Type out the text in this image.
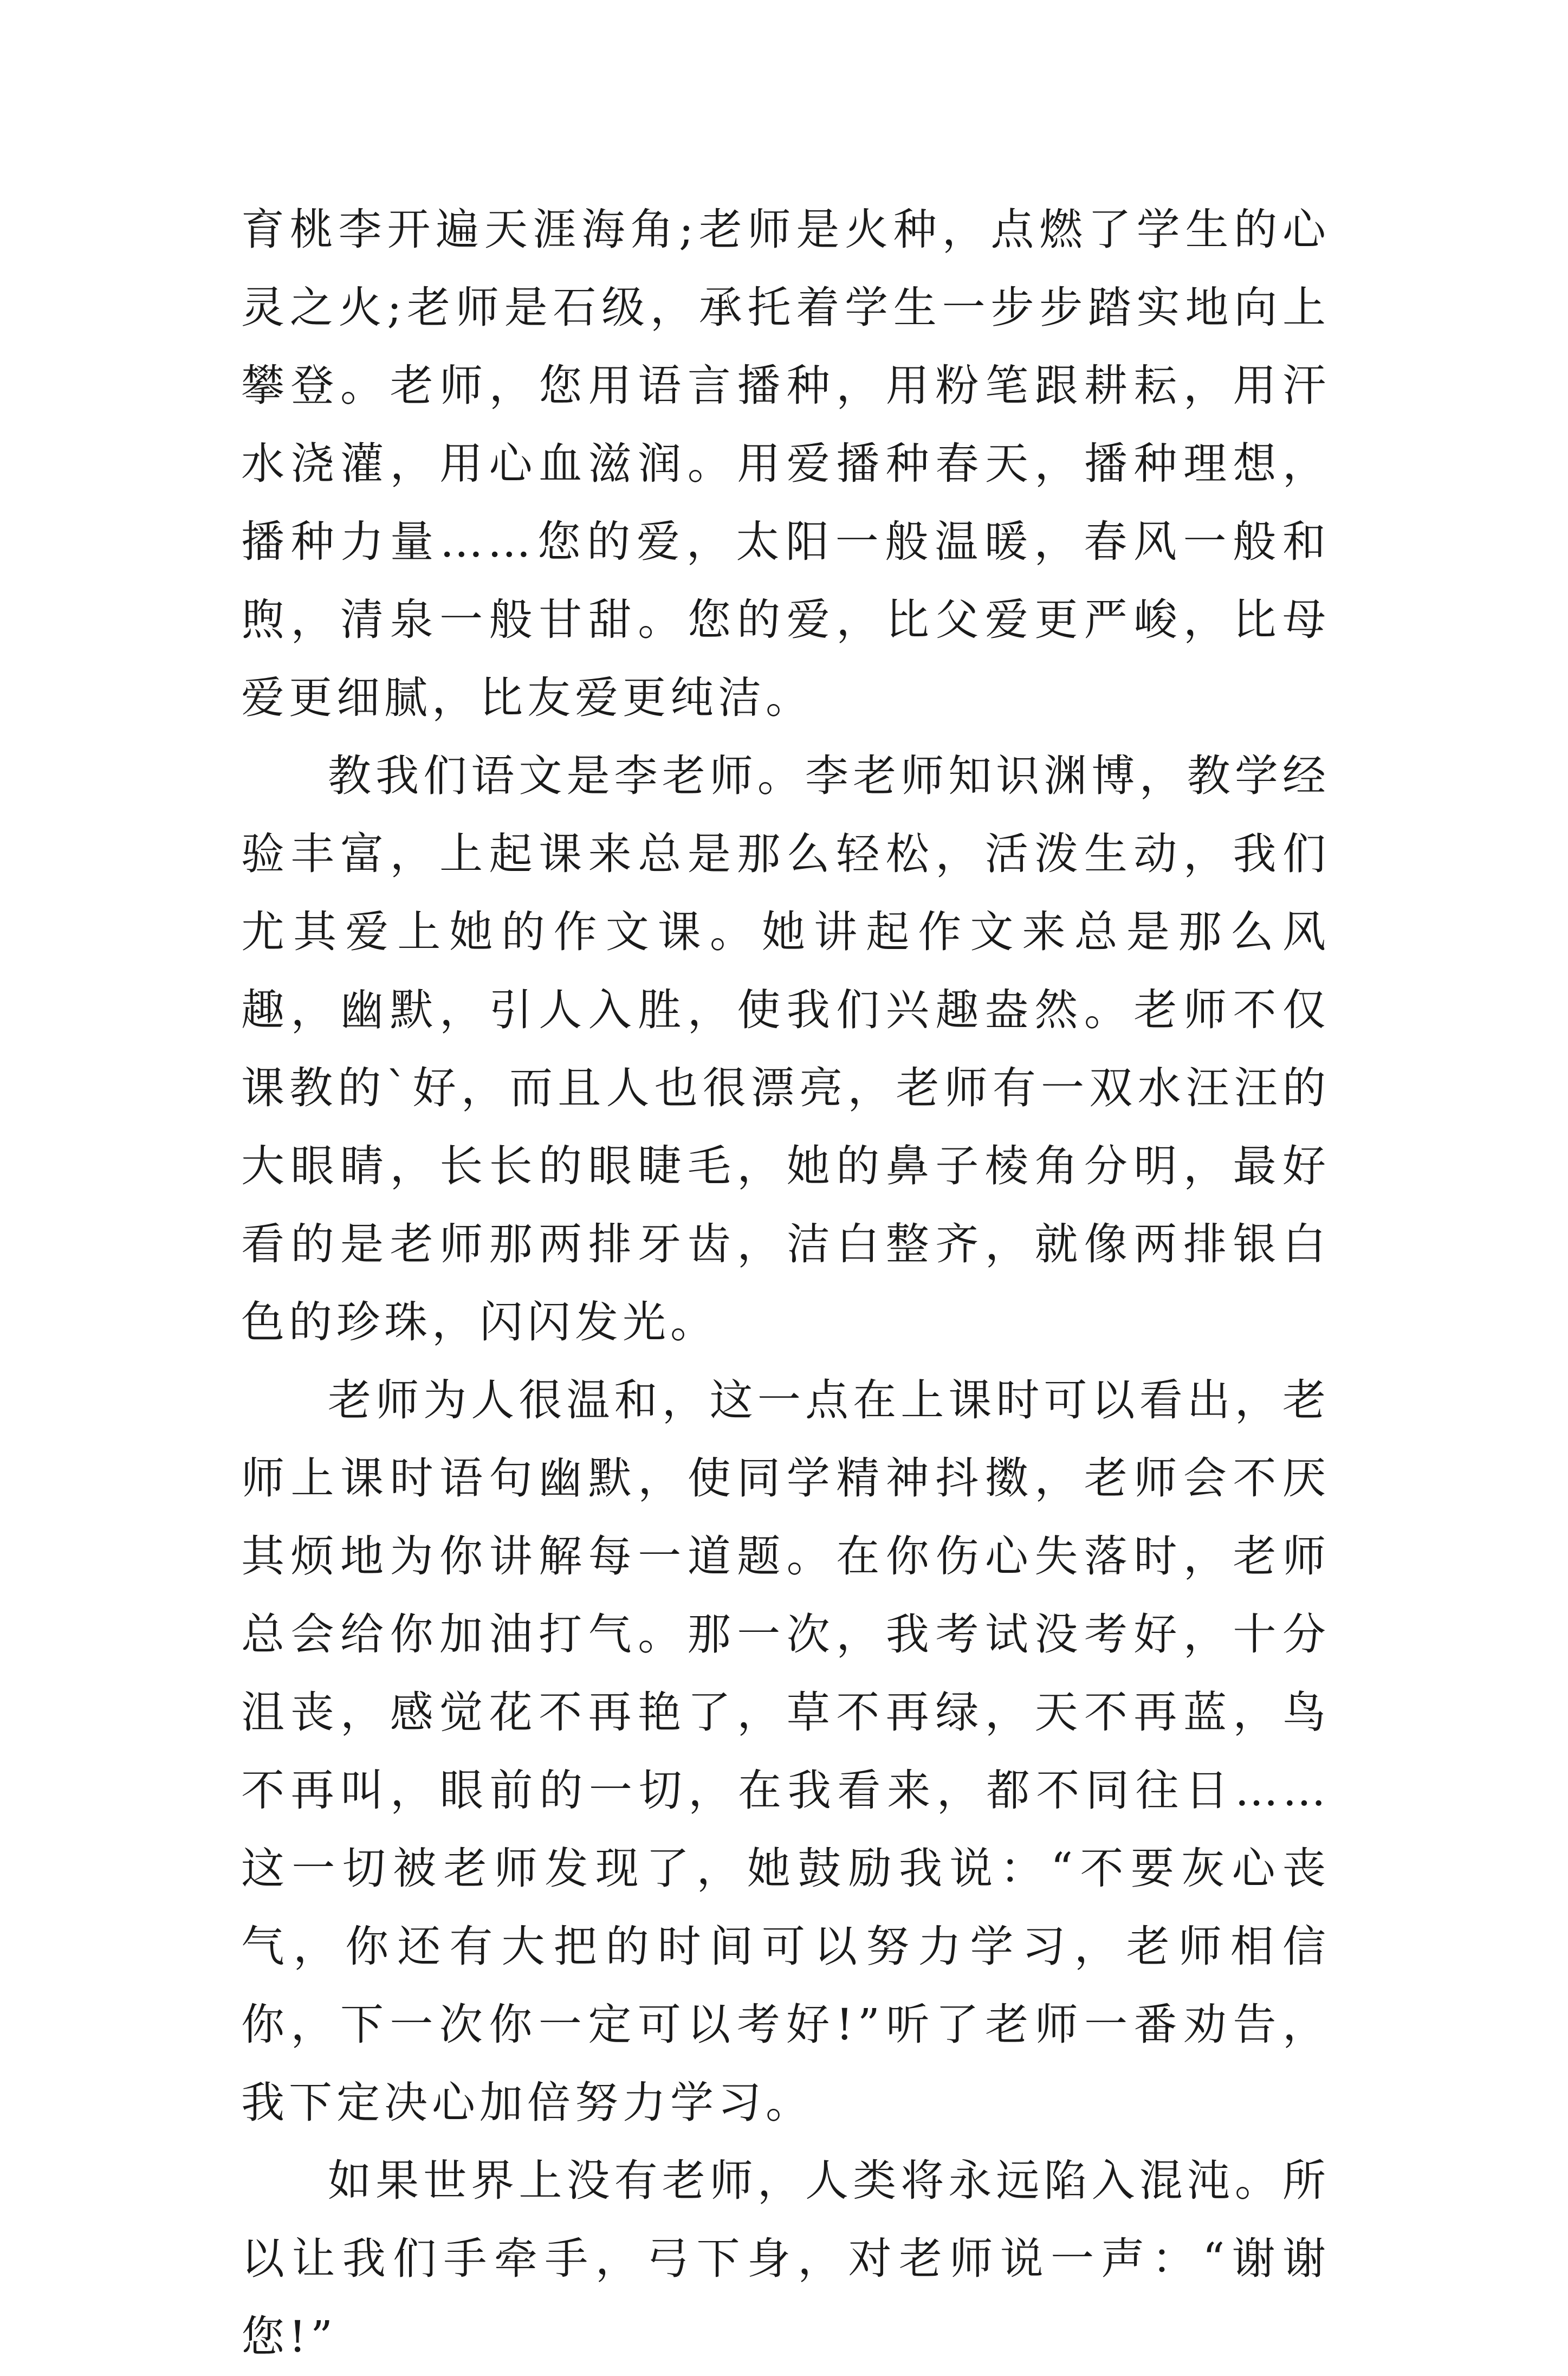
育桃李开遍天涯海角;老师是火种，点燃了学生的心灵之火;老师是石级，承托着学生一步步踏实地向上攀登。老师，您用语言播种，用粉笔跟耕耘，用汗水浇灌，用心血滋润。用爱播种春天，播种理想，播种力量……您的爱，太阳一般温暖，春风一般和煦，清泉一般甘甜。您的爱，比父爱更严峻，比母爱更细腻，比友爱更纯洁。

教我们语文是李老师。李老师知识渊博，教学经验丰富，上起课来总是那么轻松，活泼生动，我们尤其爱上她的作文课。她讲起作文来总是那么风趣，幽默，引人入胜，使我们兴趣盎然。老师不仅课教的`好，而且人也很漂亮，老师有一双水汪汪的大眼睛，长长的眼睫毛，她的鼻子棱角分明，最好看的是老师那两排牙齿，洁白整齐，就像两排银白色的珍珠，闪闪发光。

老师为人很温和，这一点在上课时可以看出，老师上课时语句幽默，使同学精神抖擞，老师会不厌其烦地为你讲解每一道题。在你伤心失落时，老师总会给你加油打气。那一次，我考试没考好，十分沮丧，感觉花不再艳了，草不再绿，天不再蓝，鸟不再叫，眼前的一切，在我看来，都不同往日……这一切被老师发现了，她鼓励我说：“不要灰心丧气，你还有大把的时间可以努力学习，老师相信你，下一次你一定可以考好!”听了老师一番劝告，我下定决心加倍努力学习。

如果世界上没有老师，人类将永远陷入混沌。所以让我们手牵手，弓下身，对老师说一声：“谢谢您!”
